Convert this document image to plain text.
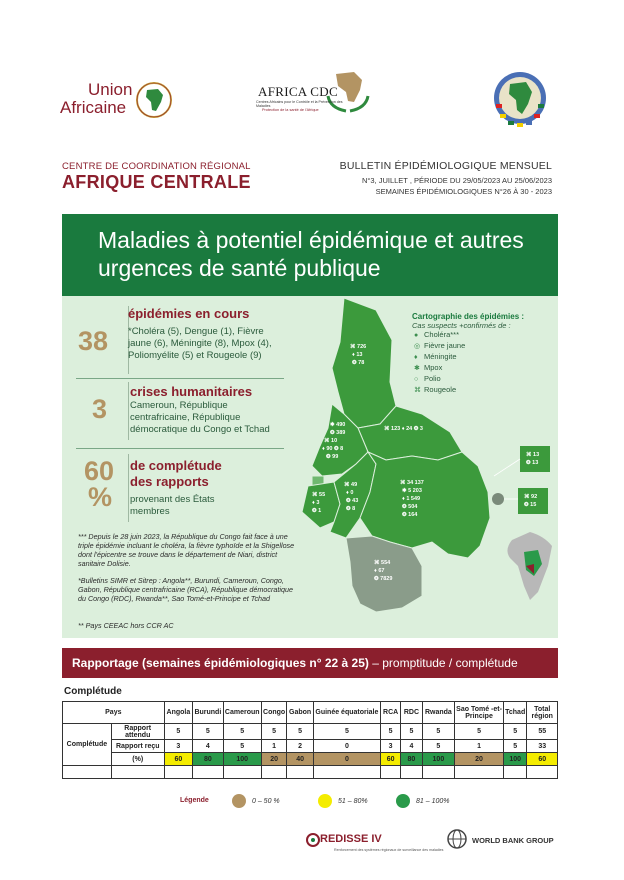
Union
Africaine
AFRICA CDC
Centres Africains pour le Contrôle et la Prévention des Maladies
Protection de la santé de l'Afrique
CENTRE DE COORDINATION RÉGIONAL
AFRIQUE CENTRALE
BULLETIN ÉPIDÉMIOLOGIQUE MENSUEL
N°3, JUILLET , PÉRIODE DU 29/05/2023 AU 25/06/2023
SEMAINES ÉPIDÉMIOLOGIQUES N°26 À 30 - 2023
Maladies à potentiel épidémique et autres urgences de santé publique
⌘ 726
♦ 13
❂ 78
⌘ 123 ♦ 24 ❂ 3
✱ 490
❂ 389
⌘ 10
♦ 90 ❂ 8
❂ 99
⌘ 55
♦ 3
❂ 1
⌘ 49
♦ 0
❂ 43
❂ 8
⌘ 34 137
✱ 5 203
♦ 1 549
❂ 504
❂ 164
⌘ 13
❂ 13
⌘ 92
❂ 15
⌘ 554
♦ 67
❂ 7829
Cartographie des épidémies :
Cas suspects +confirmés de :
● Choléra***
◎ Fièvre jaune
♦ Méningite
✱ Mpox
○ Polio
⌘ Rougeole
38
épidémies en cours
*Choléra (5), Dengue (1), Fièvre jaune (6), Méningite (8), Mpox (4), Poliomyélite (5) et Rougeole (9)
3
crises humanitaires
Cameroun, République centrafricaine, République démocratique du Congo et Tchad
60
%
de complétude des rapports
provenant des États membres
*** Depuis le 28 juin 2023, la République du Congo fait face à une triple épidémie incluant le choléra, la fièvre typhoïde et la Shigellose dont l'épicentre se trouve dans le département de Niari, district sanitaire Dolisie.
*Bulletins SIMR et Sitrep : Angola**, Burundi, Cameroun, Congo, Gabon, République centrafricaine (RCA), République démocratique du Congo (RDC), Rwanda**, Sao Tomé-et-Principe et Tchad
** Pays CEEAC hors CCR AC
Rapportage (semaines épidémiologiques n° 22 à 25) – promptitude / complétude
Complétude
Pays		Angola	Burundi	Cameroun	Congo	Gabon	Guinée équatoriale	RCA	RDC	Rwanda	Sao Tomé -et-Principe	Tchad	Total région
Complétude	Rapport attendu	5	5	5	5	5	5	5	5	5	5	5	55
	Rapport reçu	3	4	5	1	2	0	3	4	5	1	5	33
	(%)	60	80	100	20	40	0	60	80	100	20	100	60

Légende	0 – 50 %	51 – 80%	81 – 100%
REDISSE IV
Renforcement des systèmes régionaux de surveillance des maladies
WORLD BANK GROUP
